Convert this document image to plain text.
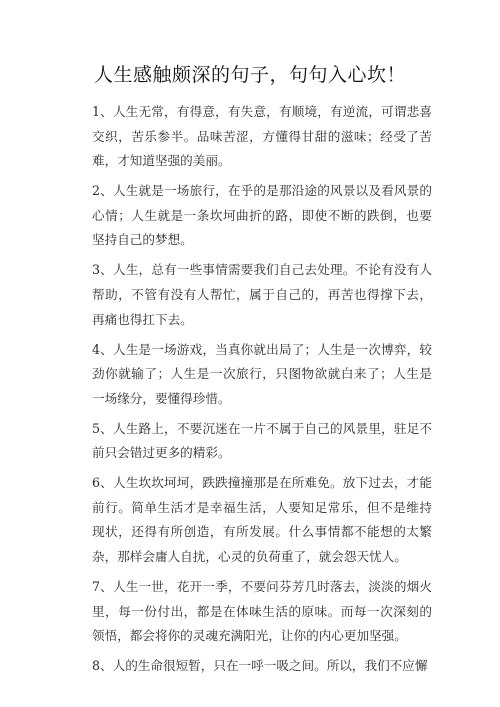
人生感触颇深的句子，句句入心坎！

1、人生无常，有得意，有失意，有顺境，有逆流，可谓悲喜交织，苦乐参半。品味苦涩，方懂得甘甜的滋味；经受了苦难，才知道坚强的美丽。

2、人生就是一场旅行，在乎的是那沿途的风景以及看风景的心情；人生就是一条坎坷曲折的路，即使不断的跌倒，也要坚持自己的梦想。

3、人生，总有一些事情需要我们自己去处理。不论有没有人帮助，不管有没有人帮忙，属于自己的，再苦也得撑下去，再痛也得扛下去。

4、人生是一场游戏，当真你就出局了；人生是一次博弈，较劲你就输了；人生是一次旅行，只图物欲就白来了；人生是一场缘分，要懂得珍惜。

5、人生路上，不要沉迷在一片不属于自己的风景里，驻足不前只会错过更多的精彩。

6、人生坎坎坷坷，跌跌撞撞那是在所难免。放下过去，才能前行。简单生活才是幸福生活，人要知足常乐，但不是维持现状，还得有所创造，有所发展。什么事情都不能想的太繁杂，那样会庸人自扰，心灵的负荷重了，就会怨天忧人。

7、人生一世，花开一季，不要问芬芳几时落去，淡淡的烟火里，每一份付出，都是在体味生活的原味。而每一次深刻的领悟，都会将你的灵魂充满阳光，让你的内心更加坚强。

8、人的生命很短暂，只在一呼一吸之间。所以，我们不应懈
